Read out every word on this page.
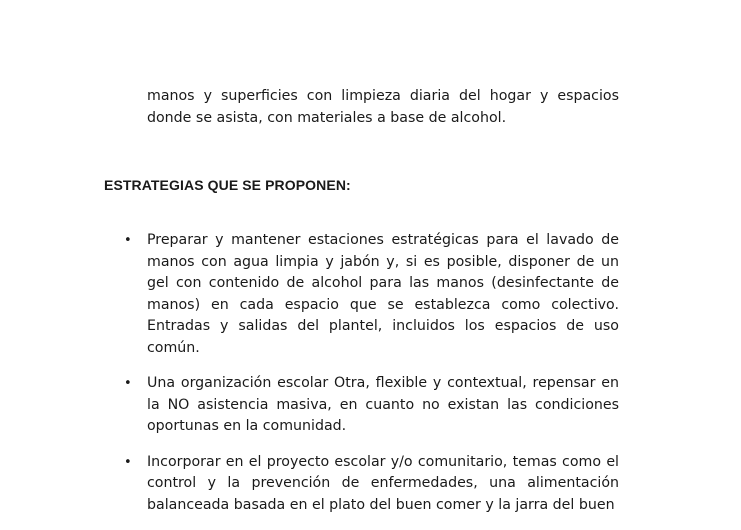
manos y superficies con limpieza diaria del hogar y espacios donde se asista, con materiales a base de alcohol.

ESTRATEGIAS QUE SE PROPONEN:
• Preparar y mantener estaciones estratégicas para el lavado de manos con agua limpia y jabón y, si es posible, disponer de un gel con contenido de alcohol para las manos (desinfectante de manos) en cada espacio que se establezca como colectivo. Entradas y salidas del plantel, incluidos los espacios de uso común.
• Una organización escolar Otra, flexible y contextual, repensar en la NO asistencia masiva, en cuanto no existan las condiciones oportunas en la comunidad.
• Incorporar en el proyecto escolar y/o comunitario, temas como el control y la prevención de enfermedades, una alimentación balanceada basada en el plato del buen comer y la jarra del buen
